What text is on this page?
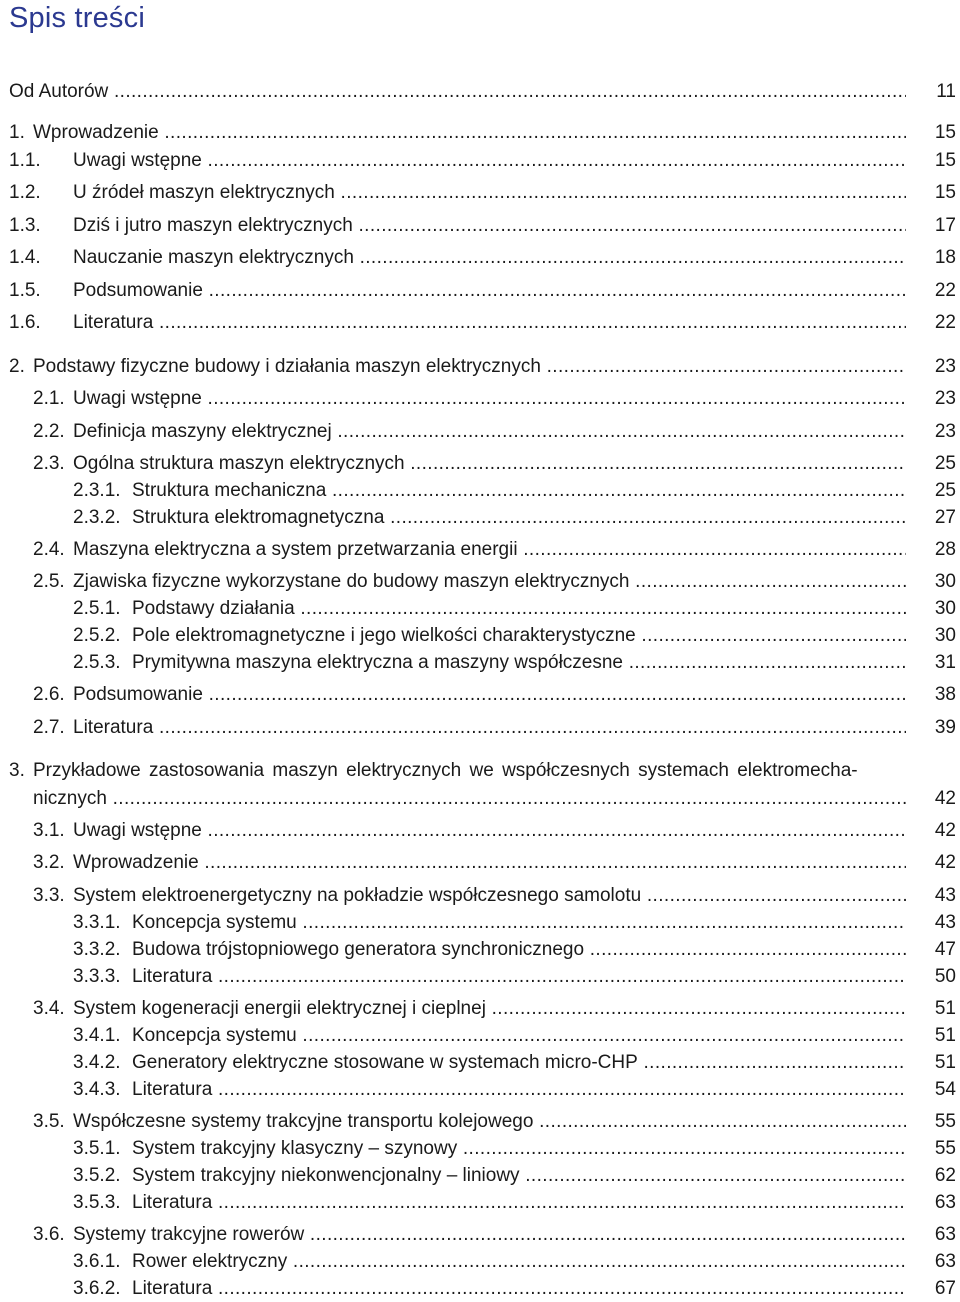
Spis treści
Od Autorów .....	11
1. Wprowadzenie .....	15
1.1. Uwagi wstępne .....	15
1.2. U źródeł maszyn elektrycznych .....	15
1.3. Dziś i jutro maszyn elektrycznych .....	17
1.4. Nauczanie maszyn elektrycznych .....	18
1.5. Podsumowanie .....	22
1.6. Literatura .....	22
2. Podstawy fizyczne budowy i działania maszyn elektrycznych .....	23
2.1. Uwagi wstępne .....	23
2.2. Definicja maszyny elektrycznej .....	23
2.3. Ogólna struktura maszyn elektrycznych .....	25
2.3.1. Struktura mechaniczna .....	25
2.3.2. Struktura elektromagnetyczna .....	27
2.4. Maszyna elektryczna a system przetwarzania energii .....	28
2.5. Zjawiska fizyczne wykorzystane do budowy maszyn elektrycznych .....	30
2.5.1. Podstawy działania .....	30
2.5.2. Pole elektromagnetyczne i jego wielkości charakterystyczne .....	30
2.5.3. Prymitywna maszyna elektryczna a maszyny współczesne .....	31
2.6. Podsumowanie .....	38
2.7. Literatura .....	39
3. Przykładowe zastosowania maszyn elektrycznych we współczesnych systemach elektromecha-
nicznych .....	42
3.1. Uwagi wstępne .....	42
3.2. Wprowadzenie .....	42
3.3. System elektroenergetyczny na pokładzie współczesnego samolotu .....	43
3.3.1. Koncepcja systemu .....	43
3.3.2. Budowa trójstopniowego generatora synchronicznego .....	47
3.3.3. Literatura .....	50
3.4. System kogeneracji energii elektrycznej i cieplnej .....	51
3.4.1. Koncepcja systemu .....	51
3.4.2. Generatory elektryczne stosowane w systemach micro-CHP .....	51
3.4.3. Literatura .....	54
3.5. Współczesne systemy trakcyjne transportu kolejowego .....	55
3.5.1. System trakcyjny klasyczny – szynowy .....	55
3.5.2. System trakcyjny niekonwencjonalny – liniowy .....	62
3.5.3. Literatura .....	63
3.6. Systemy trakcyjne rowerów .....	63
3.6.1. Rower elektryczny .....	63
3.6.2. Literatura .....	67
